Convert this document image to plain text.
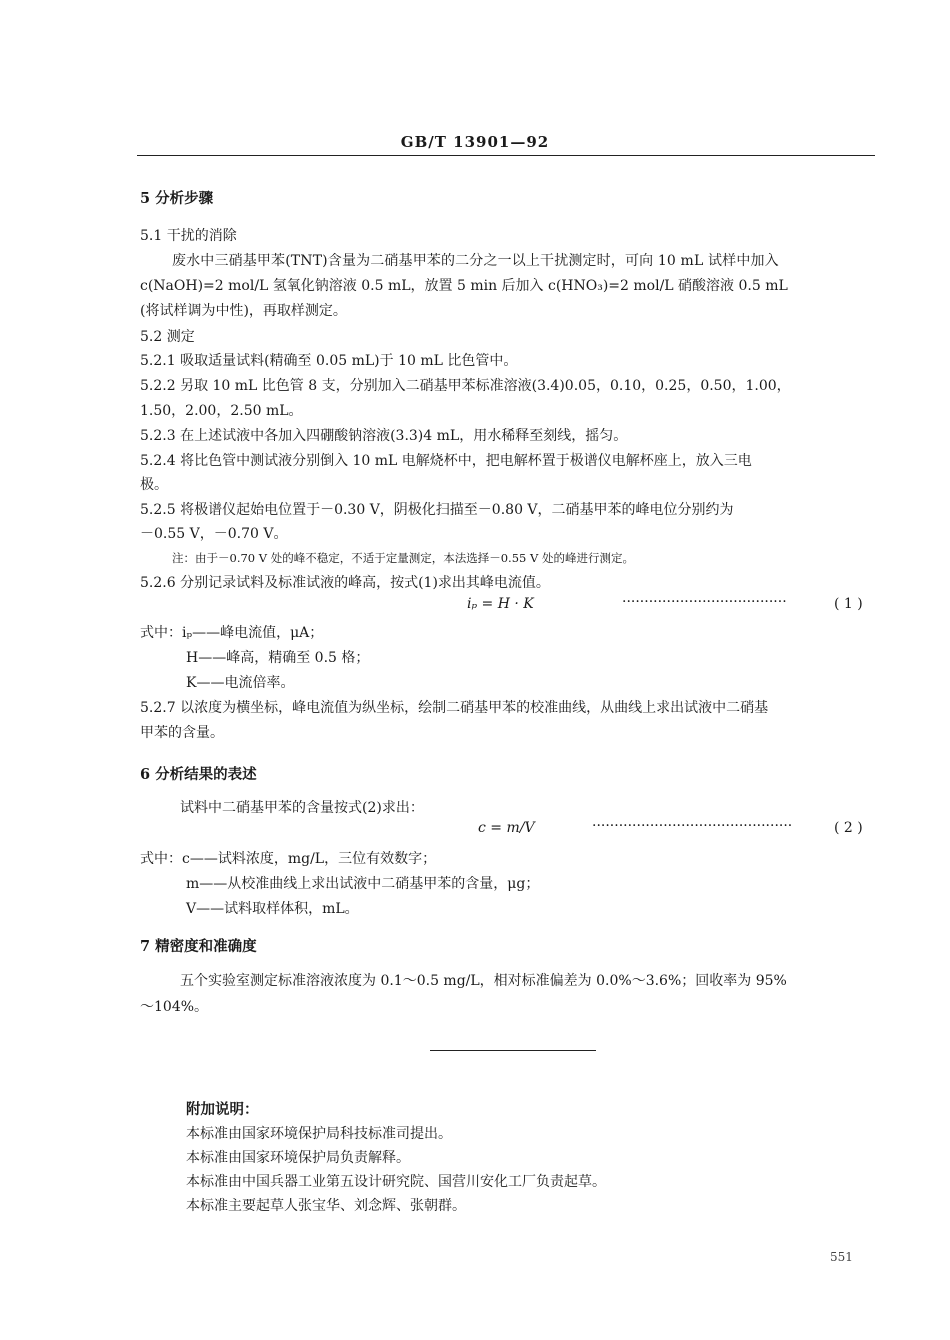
GB/T 13901—92
5 分析步骤
5.1 干扰的消除
废水中三硝基甲苯(TNT)含量为二硝基甲苯的二分之一以上干扰测定时，可向 10 mL 试样中加入
c(NaOH)=2 mol/L 氢氧化钠溶液 0.5 mL，放置 5 min 后加入 c(HNO₃)=2 mol/L 硝酸溶液 0.5 mL
(将试样调为中性)，再取样测定。
5.2 测定
5.2.1 吸取适量试料(精确至 0.05 mL)于 10 mL 比色管中。
5.2.2 另取 10 mL 比色管 8 支，分别加入二硝基甲苯标准溶液(3.4)0.05，0.10，0.25，0.50，1.00，
1.50，2.00，2.50 mL。
5.2.3 在上述试液中各加入四硼酸钠溶液(3.3)4 mL，用水稀释至刻线，摇匀。
5.2.4 将比色管中测试液分别倒入 10 mL 电解烧杯中，把电解杯置于极谱仪电解杯座上，放入三电
极。
5.2.5 将极谱仪起始电位置于－0.30 V，阴极化扫描至－0.80 V，二硝基甲苯的峰电位分别约为
－0.55 V，－0.70 V。
注：由于－0.70 V 处的峰不稳定，不适于定量测定，本法选择－0.55 V 处的峰进行测定。
5.2.6 分别记录试料及标准试液的峰高，按式(1)求出其峰电流值。
iₚ = H · K	·····································	( 1 )
式中：iₚ——峰电流值，μA；
H——峰高，精确至 0.5 格；
K——电流倍率。
5.2.7 以浓度为横坐标，峰电流值为纵坐标，绘制二硝基甲苯的校准曲线，从曲线上求出试液中二硝基
甲苯的含量。
6 分析结果的表述
试料中二硝基甲苯的含量按式(2)求出：
c = m/V	·············································	( 2 )
式中：c——试料浓度，mg/L，三位有效数字；
m——从校准曲线上求出试液中二硝基甲苯的含量，μg；
V——试料取样体积，mL。
7 精密度和准确度
五个实验室测定标准溶液浓度为 0.1～0.5 mg/L，相对标准偏差为 0.0%～3.6%；回收率为 95%
～104%。
附加说明：
本标准由国家环境保护局科技标准司提出。
本标准由国家环境保护局负责解释。
本标准由中国兵器工业第五设计研究院、国营川安化工厂负责起草。
本标准主要起草人张宝华、刘念辉、张朝群。
551
